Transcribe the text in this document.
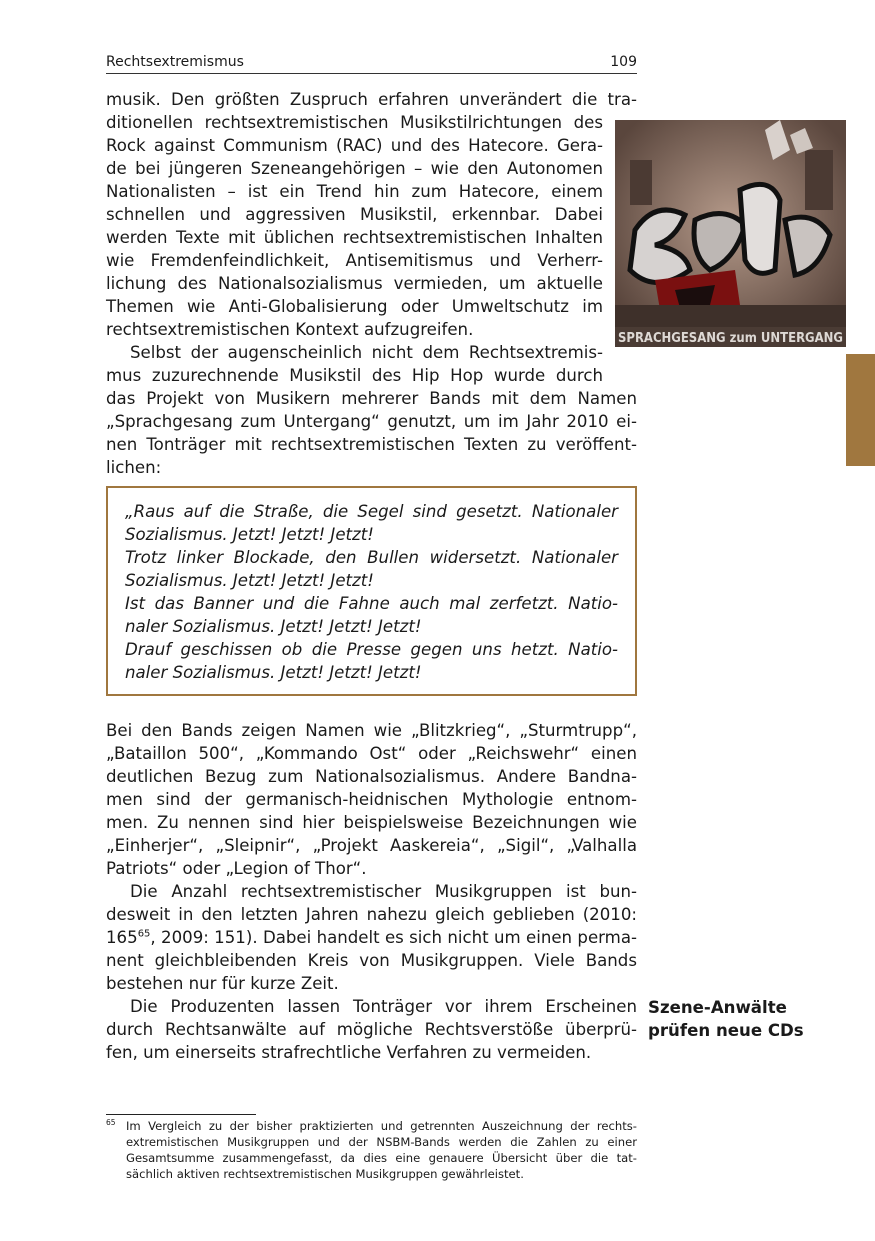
Rechtsextremismus	109
SPRACHGESANG zum UNTERGANG

musik. Den größten Zuspruch erfahren unverändert die tra-
ditionellen rechtsextremistischen Musikstilrichtungen des
Rock against Communism (RAC) und des Hatecore. Gera-
de bei jüngeren Szeneangehörigen – wie den Autonomen
Nationalisten – ist ein Trend hin zum Hatecore, einem
schnellen und aggressiven Musikstil, erkennbar. Dabei
werden Texte mit üblichen rechtsextremistischen Inhalten
wie Fremdenfeindlichkeit, Antisemitismus und Verherr-
lichung des Nationalsozialismus vermieden, um aktuelle
Themen wie Anti-Globalisierung oder Umweltschutz im
rechtsextremistischen Kontext aufzugreifen.

Selbst der augenscheinlich nicht dem Rechtsextremis-
mus zuzurechnende Musikstil des Hip Hop wurde durch
das Projekt von Musikern mehrerer Bands mit dem Namen
„Sprachgesang zum Untergang“ genutzt, um im Jahr 2010 ei-
nen Tonträger mit rechtsextremistischen Texten zu veröffent-
lichen:

„Raus auf die Straße, die Segel sind gesetzt. Nationaler
Sozialismus. Jetzt! Jetzt! Jetzt!
Trotz linker Blockade, den Bullen widersetzt. Nationaler
Sozialismus. Jetzt! Jetzt! Jetzt!
Ist das Banner und die Fahne auch mal zerfetzt. Natio-
naler Sozialismus. Jetzt! Jetzt! Jetzt!
Drauf geschissen ob die Presse gegen uns hetzt. Natio-
naler Sozialismus. Jetzt! Jetzt! Jetzt!

Bei den Bands zeigen Namen wie „Blitzkrieg“, „Sturmtrupp“,
„Bataillon 500“, „Kommando Ost“ oder „Reichswehr“ einen
deutlichen Bezug zum Nationalsozialismus. Andere Bandna-
men sind der germanisch-heidnischen Mythologie entnom-
men. Zu nennen sind hier beispielsweise Bezeichnungen wie
„Einherjer“, „Sleipnir“, „Projekt Aaskereia“, „Sigil“, „Valhalla
Patriots“ oder „Legion of Thor“.

Die Anzahl rechtsextremistischer Musikgruppen ist bun-
desweit in den letzten Jahren nahezu gleich geblieben (2010:
165$^{65}$, 2009: 151). Dabei handelt es sich nicht um einen perma-
nent gleichbleibenden Kreis von Musikgruppen. Viele Bands
bestehen nur für kurze Zeit.

Die Produzenten lassen Tonträger vor ihrem Erscheinen
durch Rechtsanwälte auf mögliche Rechtsverstöße überprü-
fen, um einerseits strafrechtliche Verfahren zu vermeiden.

Szene-Anwälte
prüfen neue CDs
65 Im Vergleich zu der bisher praktizierten und getrennten Auszeichnung der rechts-
extremistischen Musikgruppen und der NSBM-Bands werden die Zahlen zu einer
Gesamtsumme zusammengefasst, da dies eine genauere Übersicht über die tat-
sächlich aktiven rechtsextremistischen Musikgruppen gewährleistet.
